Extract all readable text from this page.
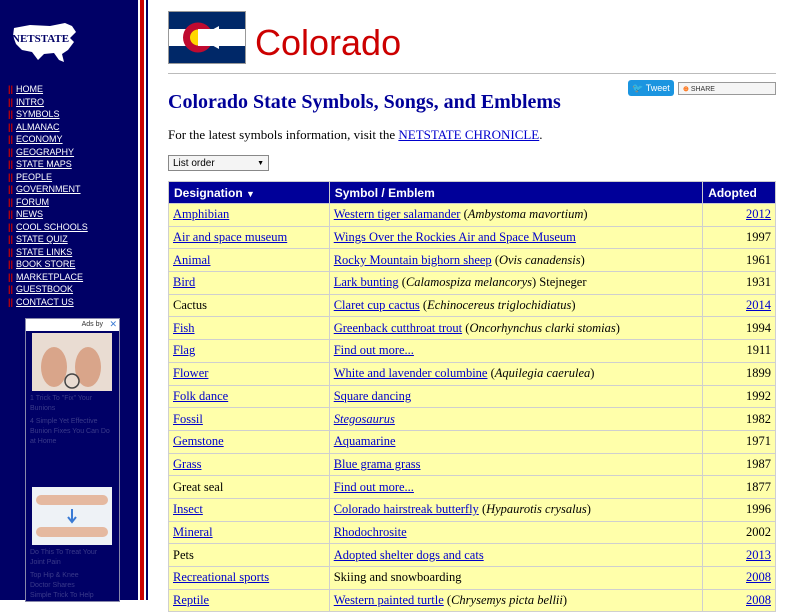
NETSTATE
|| HOME
|| INTRO
|| SYMBOLS
|| ALMANAC
|| ECONOMY
|| GEOGRAPHY
|| STATE MAPS
|| PEOPLE
|| GOVERNMENT
|| FORUM
|| NEWS
|| COOL SCHOOLS
|| STATE QUIZ
|| STATE LINKS
|| BOOK STORE
|| MARKETPLACE
|| GUESTBOOK
|| CONTACT US
Ads by ✕
1 Trick To "Fix" Your
Bunions
4 Simple Yet Effective
Bunion Fixes You Can Do
at Home
Do This To Treat Your
Joint Pain
Top Hip & Knee
Doctor Shares
Simple Trick To Help
Colorado
🐦 Tweet	⊕ SHARE
Colorado State Symbols, Songs, and Emblems
For the latest symbols information, visit the NETSTATE CHRONICLE.
List order	▼
Designation ▼	Symbol / Emblem	Adopted
Amphibian	Western tiger salamander (Ambystoma mavortium)	2012
Air and space museum	Wings Over the Rockies Air and Space Museum	1997
Animal	Rocky Mountain bighorn sheep (Ovis canadensis)	1961
Bird	Lark bunting (Calamospiza melancorys) Stejneger	1931
Cactus	Claret cup cactus (Echinocereus triglochidiatus)	2014
Fish	Greenback cutthroat trout (Oncorhynchus clarki stomias)	1994
Flag	Find out more...	1911
Flower	White and lavender columbine (Aquilegia caerulea)	1899
Folk dance	Square dancing	1992
Fossil	Stegosaurus	1982
Gemstone	Aquamarine	1971
Grass	Blue grama grass	1987
Great seal	Find out more...	1877
Insect	Colorado hairstreak butterfly (Hypaurotis crysalus)	1996
Mineral	Rhodochrosite	2002
Pets	Adopted shelter dogs and cats	2013
Recreational sports	Skiing and snowboarding	2008
Reptile	Western painted turtle (Chrysemys picta bellii)	2008
